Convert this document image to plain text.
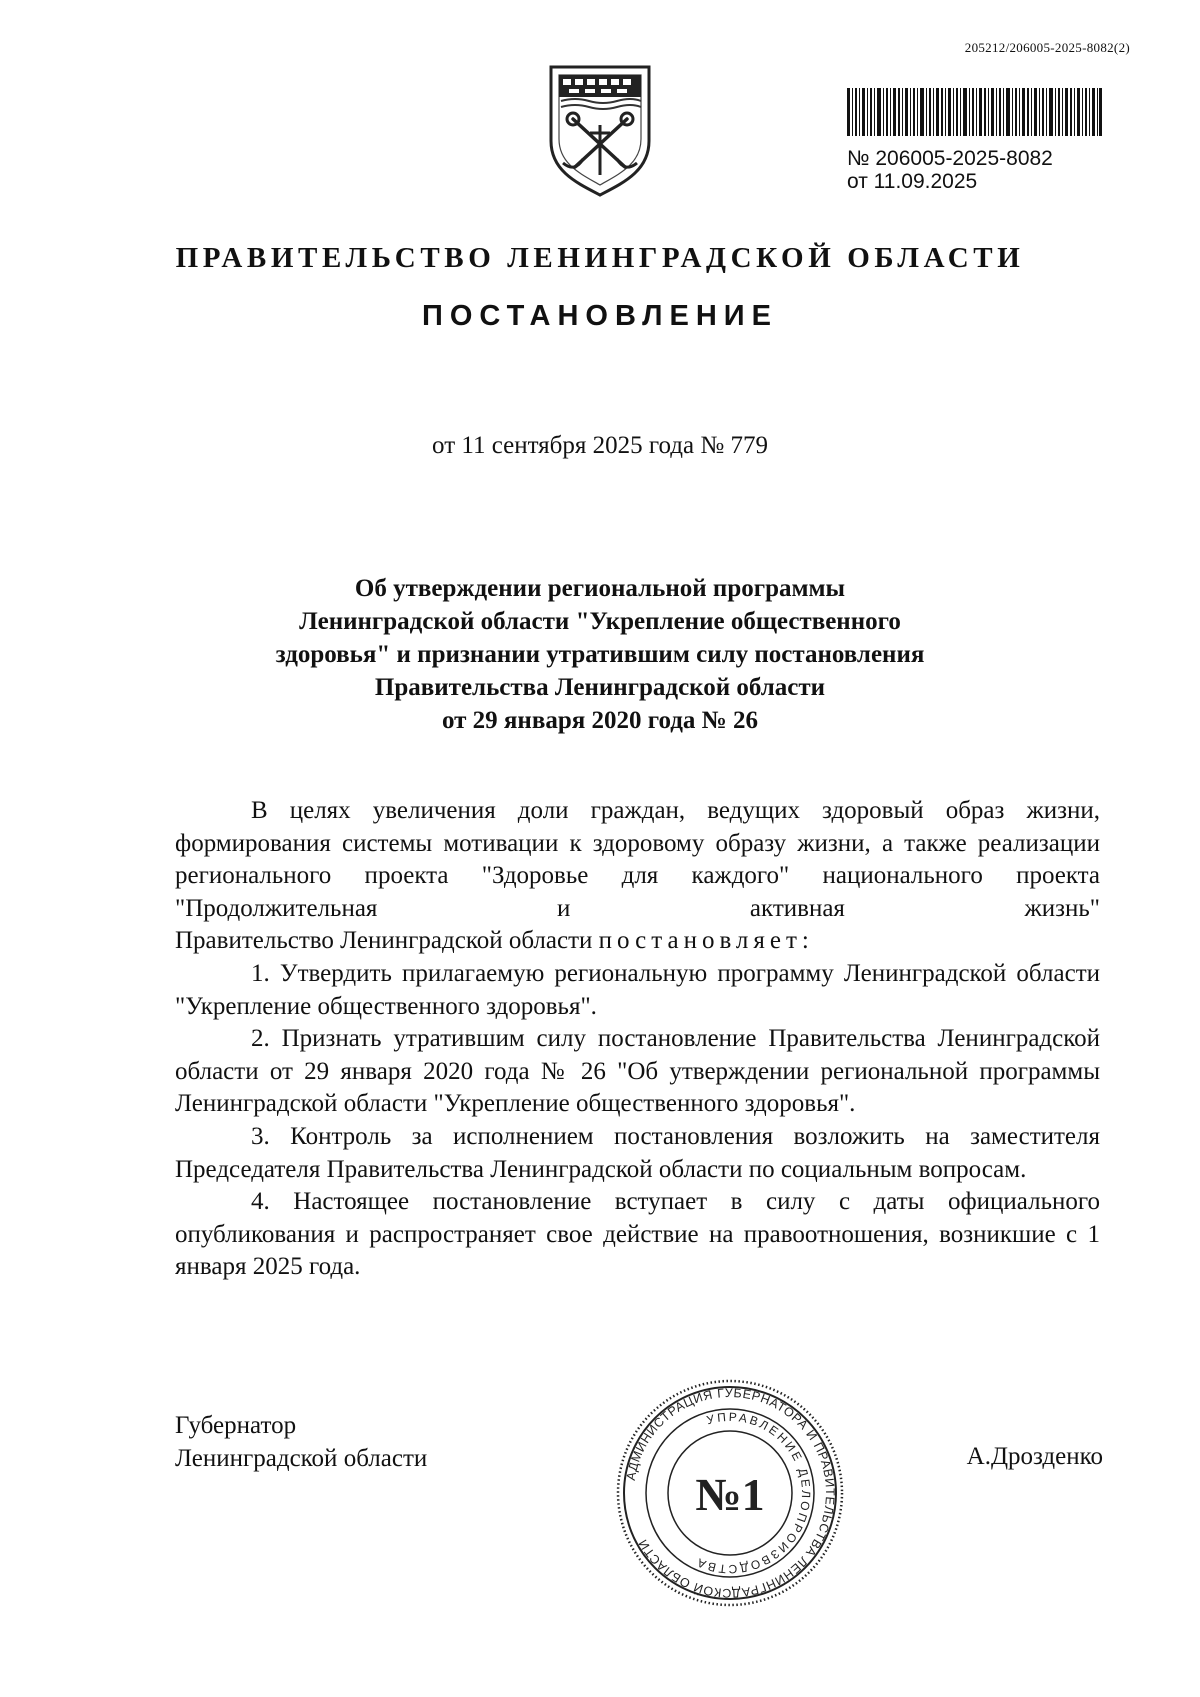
205212/206005-2025-8082(2)
№ 206005-2025-8082
от 11.09.2025
ПРАВИТЕЛЬСТВО ЛЕНИНГРАДСКОЙ ОБЛАСТИ
ПОСТАНОВЛЕНИЕ
от 11 сентября 2025 года № 779
Об утверждении региональной программы
Ленинградской области "Укрепление общественного
здоровья" и признании утратившим силу постановления
Правительства Ленинградской области
от 29 января 2020 года № 26

В целях увеличения доли граждан, ведущих здоровый образ жизни, формирования системы мотивации к здоровому образу жизни, а также реализации регионального проекта "Здоровье для каждого" национального проекта "Продолжительная и активная жизнь"

Правительство Ленинградской области постановляет:

1. Утвердить прилагаемую региональную программу Ленинградской области "Укрепление общественного здоровья".

2. Признать утратившим силу постановление Правительства Ленинградской области от 29 января 2020 года № 26 "Об утверждении региональной программы Ленинградской области "Укрепление общественного здоровья".

3. Контроль за исполнением постановления возложить на заместителя Председателя Правительства Ленинградской области по социальным вопросам.

4. Настоящее постановление вступает в силу с даты официального опубликования и распространяет свое действие на правоотношения, возникшие с 1 января 2025 года.

Губернатор
Ленинградской области	А.Дрозденко
АДМИНИСТРАЦИЯ ГУБЕРНАТОРА И ПРАВИТЕЛЬСТВА ЛЕНИНГРАДСКОЙ ОБЛАСТИ
УПРАВЛЕНИЕ ДЕЛОПРОИЗВОДСТВА
№1
